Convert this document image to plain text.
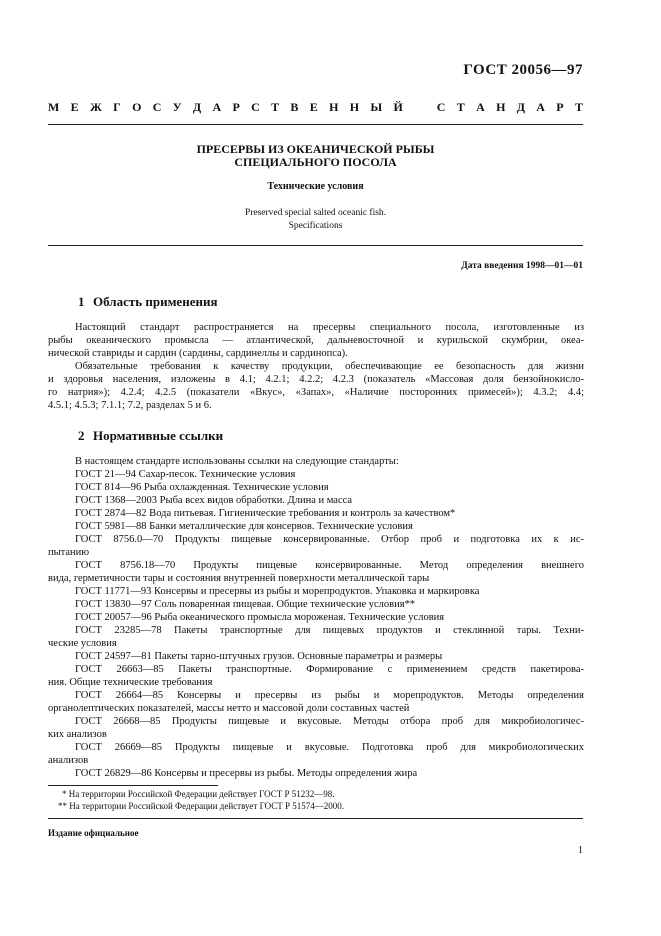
ГОСТ 20056—97
М Е Ж Г О С У Д А Р С Т В Е Н Н Ы Й	С Т А Н Д А Р Т
ПРЕСЕРВЫ ИЗ ОКЕАНИЧЕСКОЙ РЫБЫ
СПЕЦИАЛЬНОГО ПОСОЛА
Технические условия
Preserved special salted oceanic fish.
Specifications
Дата введения 1998—01—01
1 Область применения
Настоящий стандарт распространяется на пресервы специального посола, изготовленные из
рыбы океанического промысла — атлантической, дальневосточной и курильской скумбрии, океа-
нической ставриды и сардин (сардины, сардинеллы и сардинопса).
Обязательные требования к качеству продукции, обеспечивающие ее безопасность для жизни
и здоровья населения, изложены в 4.1; 4.2.1; 4.2.2; 4.2.3 (показатель «Массовая доля бензойнокисло-
го натрия»); 4.2.4; 4.2.5 (показатели «Вкус», «Запах», «Наличие посторонних примесей»); 4.3.2; 4.4;
4.5.1; 4.5.3; 7.1.1; 7.2, разделах 5 и 6.
2 Нормативные ссылки
В настоящем стандарте использованы ссылки на следующие стандарты:
ГОСТ 21—94 Сахар-песок. Технические условия
ГОСТ 814—96 Рыба охлажденная. Технические условия
ГОСТ 1368—2003 Рыба всех видов обработки. Длина и масса
ГОСТ 2874—82 Вода питьевая. Гигиенические требования и контроль за качеством*
ГОСТ 5981—88 Банки металлические для консервов. Технические условия
ГОСТ 8756.0—70 Продукты пищевые консервированные. Отбор проб и подготовка их к ис-
пытанию
ГОСТ 8756.18—70 Продукты пищевые консервированные. Метод определения внешнего
вида, герметичности тары и состояния внутренней поверхности металлической тары
ГОСТ 11771—93 Консервы и пресервы из рыбы и морепродуктов. Упаковка и маркировка
ГОСТ 13830—97 Соль поваренная пищевая. Общие технические условия**
ГОСТ 20057—96 Рыба океанического промысла мороженая. Технические условия
ГОСТ 23285—78 Пакеты транспортные для пищевых продуктов и стеклянной тары. Техни-
ческие условия
ГОСТ 24597—81 Пакеты тарно-штучных грузов. Основные параметры и размеры
ГОСТ 26663—85 Пакеты транспортные. Формирование с применением средств пакетирова-
ния. Общие технические требования
ГОСТ 26664—85 Консервы и пресервы из рыбы и морепродуктов. Методы определения
органолептических показателей, массы нетто и массовой доли составных частей
ГОСТ 26668—85 Продукты пищевые и вкусовые. Методы отбора проб для микробиологичес-
ких анализов
ГОСТ 26669—85 Продукты пищевые и вкусовые. Подготовка проб для микробиологических
анализов
ГОСТ 26829—86 Консервы и пресервы из рыбы. Методы определения жира
* На территории Российской Федерации действует ГОСТ Р 51232—98.
** На территории Российской Федерации действует ГОСТ Р 51574—2000.
Издание официальное
1
